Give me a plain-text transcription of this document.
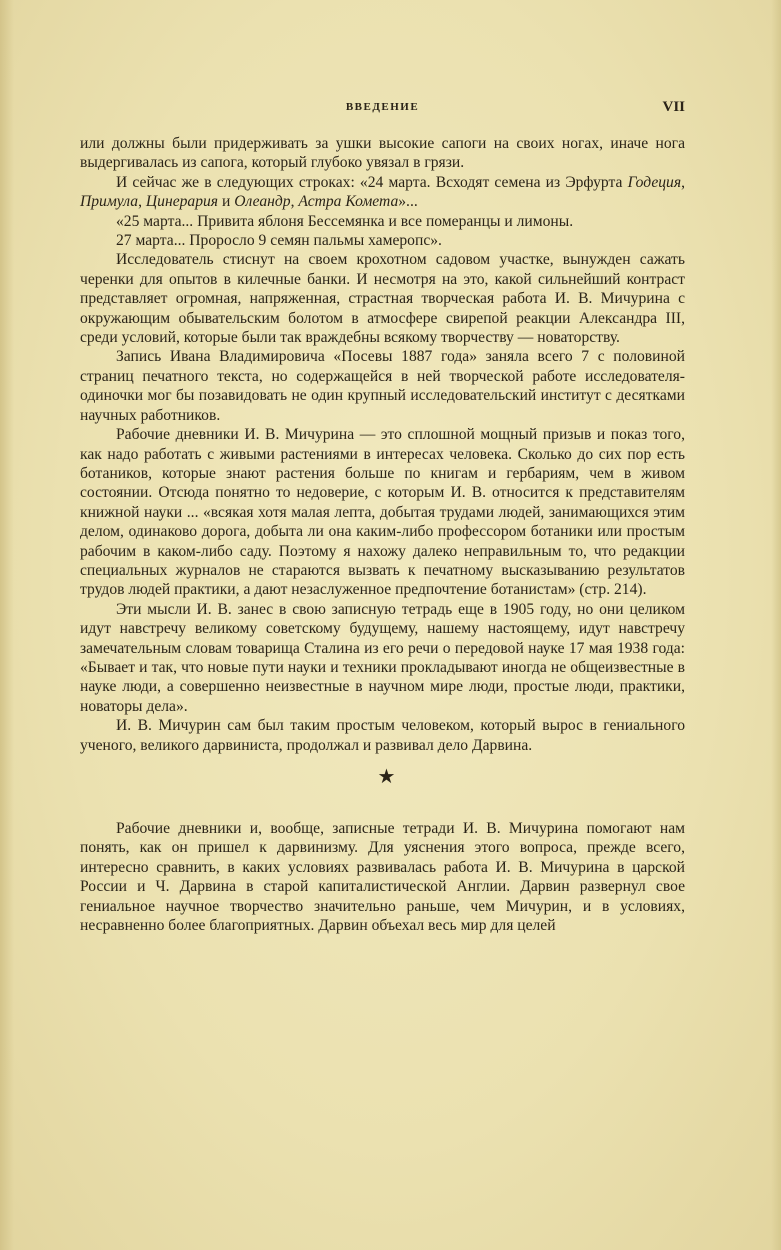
ВВЕДЕНИЕ	VII

или должны были придерживать за ушки высокие сапоги на своих ногах, иначе нога выдергивалась из сапога, который глубоко увязал в грязи.

И сейчас же в следующих строках: «24 марта. Всходят семена из Эрфурта Годеция, Примула, Цинерария и Олеандр, Астра Комета»...

«25 марта... Привита яблоня Бессемянка и все померанцы и лимоны.

27 марта... Проросло 9 семян пальмы хамеропс».

Исследователь стиснут на своем крохотном садовом участке, вынужден сажать черенки для опытов в килечные банки. И несмотря на это, какой сильнейший контраст представляет огромная, напряженная, страстная творческая работа И. В. Мичурина с окружающим обывательским болотом в атмосфере свирепой реакции Александра III, среди условий, которые были так враждебны всякому творчеству — новаторству.

Запись Ивана Владимировича «Посевы 1887 года» заняла всего 7 с половиной страниц печатного текста, но содержащейся в ней творческой работе исследователя-одиночки мог бы позавидовать не один крупный исследовательский институт с десятками научных работников.

Рабочие дневники И. В. Мичурина — это сплошной мощный призыв и показ того, как надо работать с живыми растениями в интересах человека. Сколько до сих пор есть ботаников, которые знают растения больше по книгам и гербариям, чем в живом состоянии. Отсюда понятно то недоверие, с которым И. В. относится к представителям книжной науки ... «всякая хотя малая лепта, добытая трудами людей, занимающихся этим делом, одинаково дорога, добыта ли она каким-либо профессором ботаники или простым рабочим в каком-либо саду. Поэтому я нахожу далеко неправильным то, что редакции специальных журналов не стараются вызвать к печатному высказыванию результатов трудов людей практики, а дают незаслуженное предпочтение ботанистам» (стр. 214).

Эти мысли И. В. занес в свою записную тетрадь еще в 1905 году, но они целиком идут навстречу великому советскому будущему, нашему настоящему, идут навстречу замечательным словам товарища Сталина из его речи о передовой науке 17 мая 1938 года: «Бывает и так, что новые пути науки и техники прокладывают иногда не общеизвестные в науке люди, а совершенно неизвестные в научном мире люди, простые люди, практики, новаторы дела».

И. В. Мичурин сам был таким простым человеком, который вырос в гениального ученого, великого дарвиниста, продолжал и развивал дело Дарвина.

★

Рабочие дневники и, вообще, записные тетради И. В. Мичурина помогают нам понять, как он пришел к дарвинизму. Для уяснения этого вопроса, прежде всего, интересно сравнить, в каких условиях развивалась работа И. В. Мичурина в царской России и Ч. Дарвина в старой капиталистической Англии. Дарвин развернул свое гениальное научное творчество значительно раньше, чем Мичурин, и в условиях, несравненно более благоприятных. Дарвин объехал весь мир для целей
